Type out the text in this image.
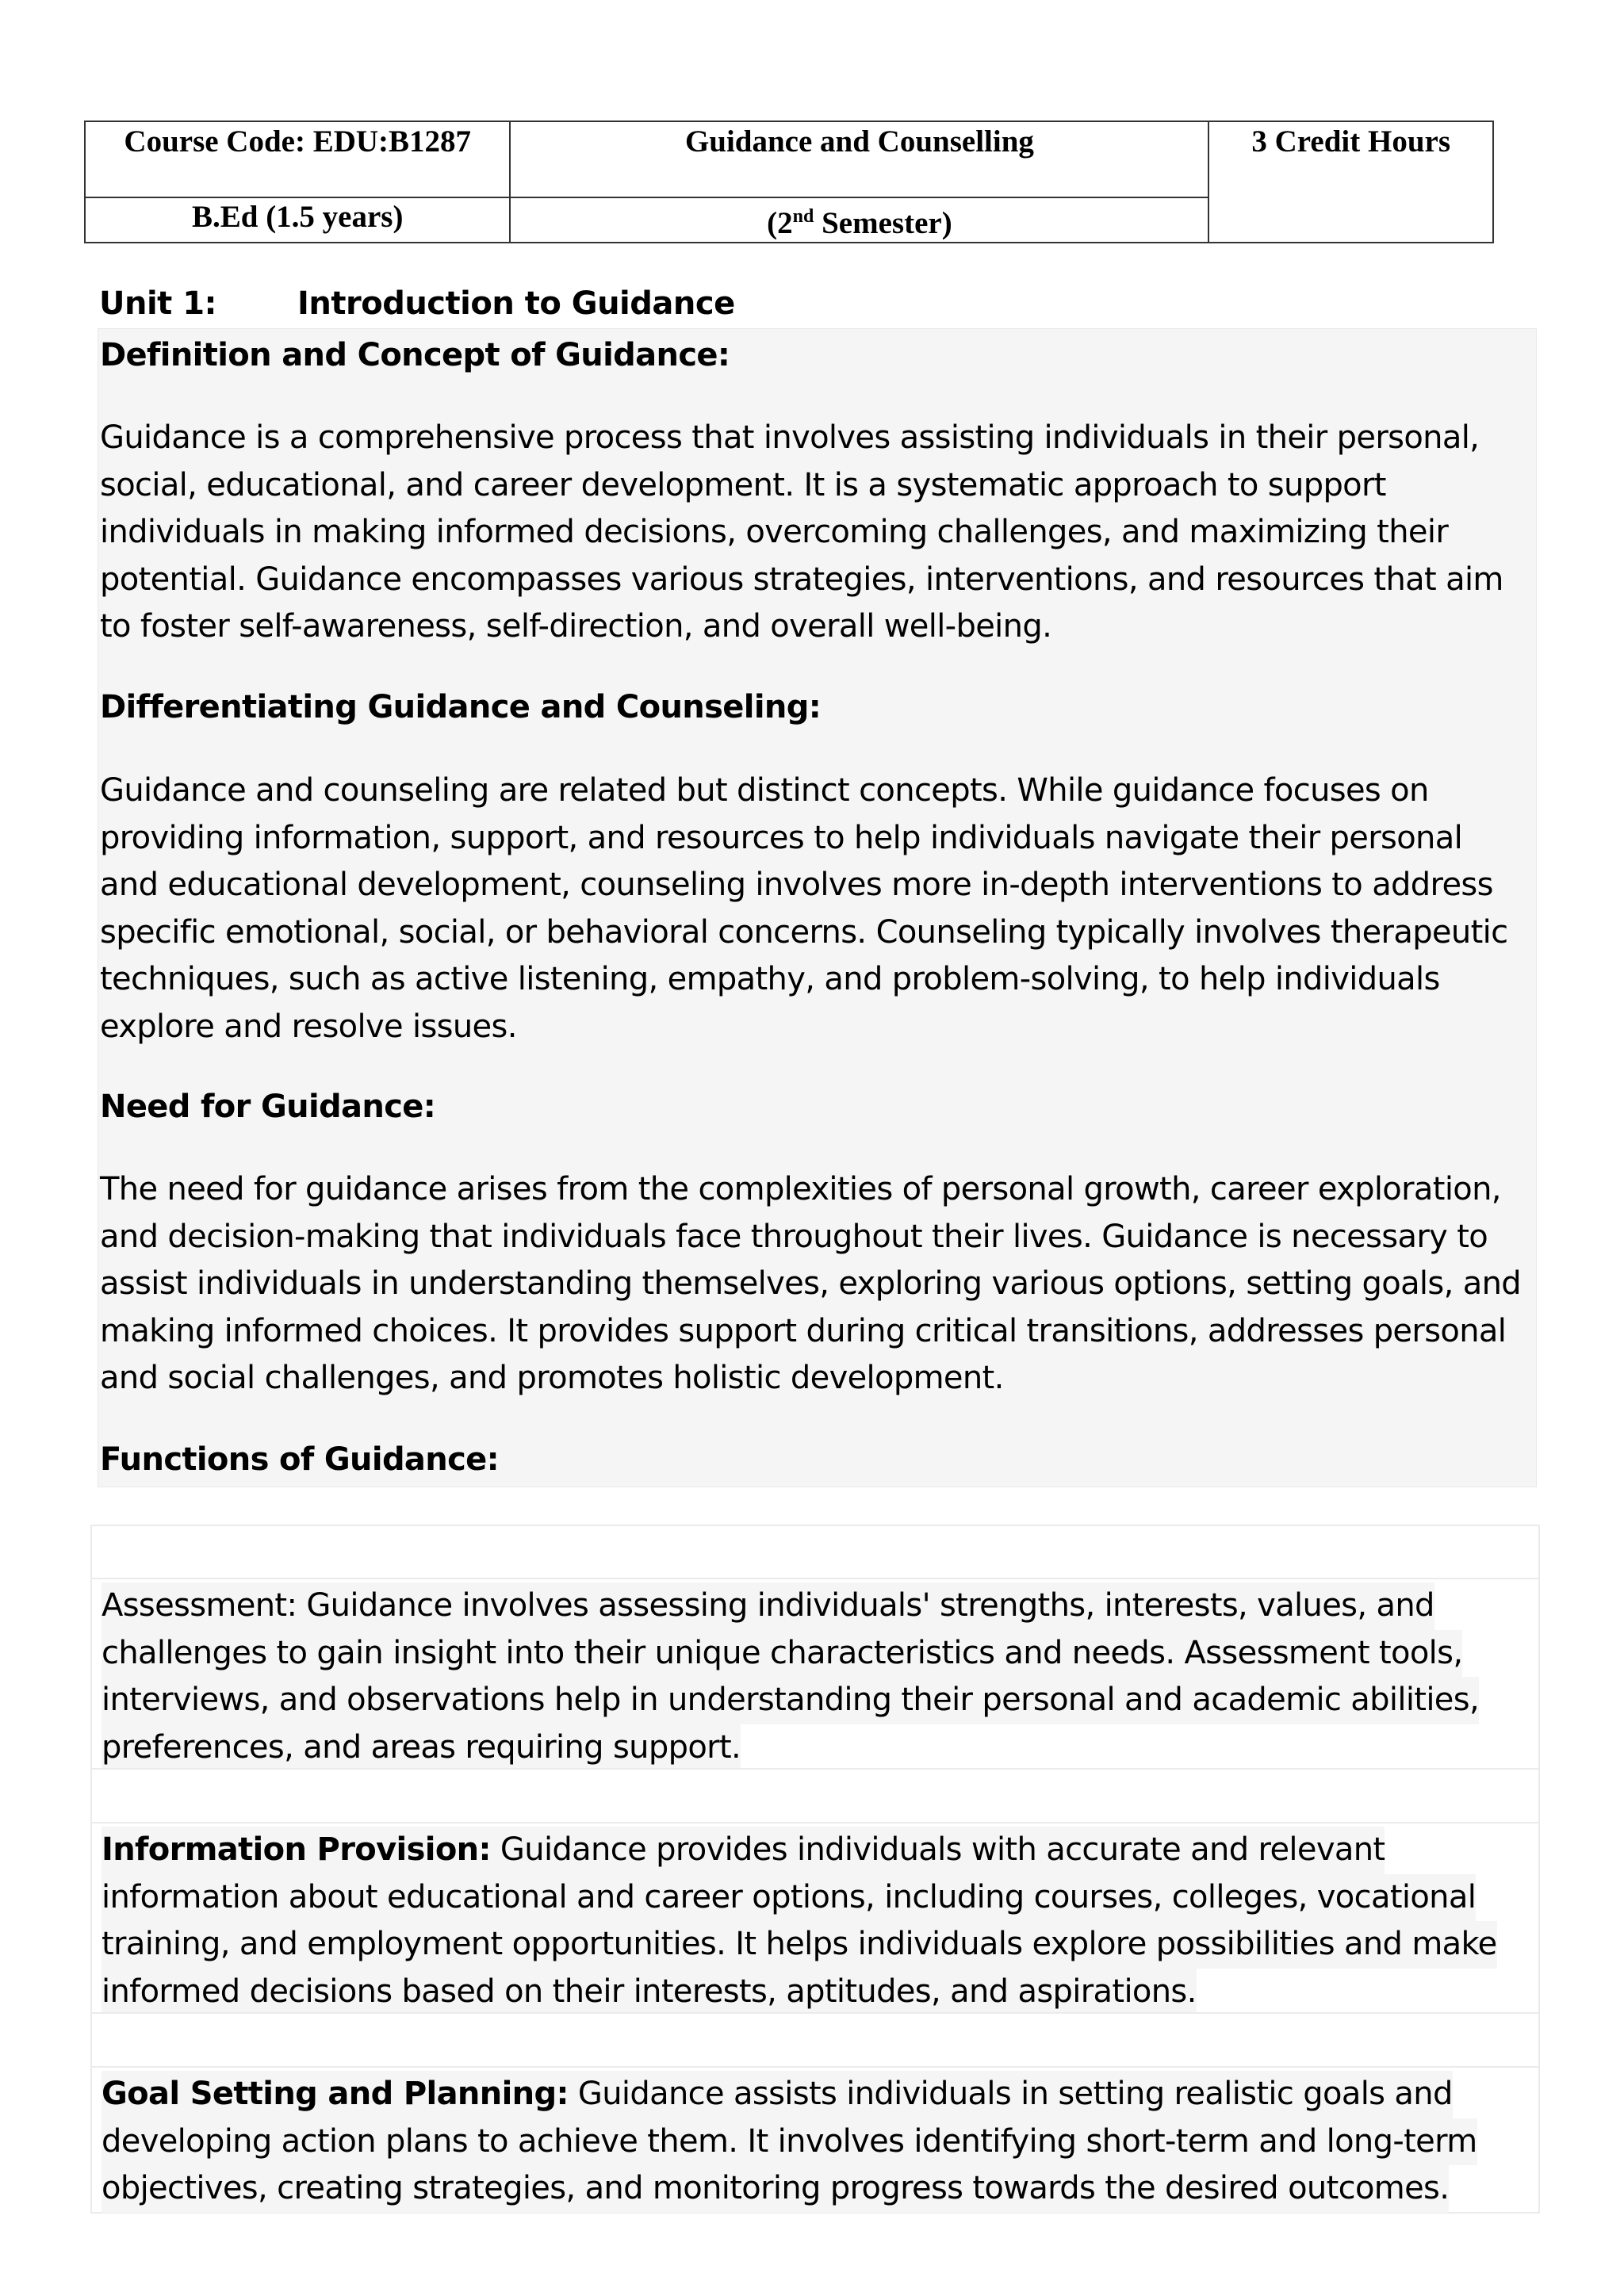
Course Code: EDU:B1287	Guidance and Counselling	3 Credit Hours
B.Ed (1.5 years)	(2nd Semester)	
Unit 1:	Introduction to Guidance
Definition and Concept of Guidance:
Guidance is a comprehensive process that involves assisting individuals in their personal,
social, educational, and career development. It is a systematic approach to support
individuals in making informed decisions, overcoming challenges, and maximizing their
potential. Guidance encompasses various strategies, interventions, and resources that aim
to foster self-awareness, self-direction, and overall well-being.
Differentiating Guidance and Counseling:
Guidance and counseling are related but distinct concepts. While guidance focuses on
providing information, support, and resources to help individuals navigate their personal
and educational development, counseling involves more in-depth interventions to address
specific emotional, social, or behavioral concerns. Counseling typically involves therapeutic
techniques, such as active listening, empathy, and problem-solving, to help individuals
explore and resolve issues.
Need for Guidance:
The need for guidance arises from the complexities of personal growth, career exploration,
and decision-making that individuals face throughout their lives. Guidance is necessary to
assist individuals in understanding themselves, exploring various options, setting goals, and
making informed choices. It provides support during critical transitions, addresses personal
and social challenges, and promotes holistic development.
Functions of Guidance:
Assessment: Guidance involves assessing individuals' strengths, interests, values, and
challenges to gain insight into their unique characteristics and needs. Assessment tools,
interviews, and observations help in understanding their personal and academic abilities,
preferences, and areas requiring support.
Information Provision: Guidance provides individuals with accurate and relevant
information about educational and career options, including courses, colleges, vocational
training, and employment opportunities. It helps individuals explore possibilities and make
informed decisions based on their interests, aptitudes, and aspirations.
Goal Setting and Planning: Guidance assists individuals in setting realistic goals and
developing action plans to achieve them. It involves identifying short-term and long-term
objectives, creating strategies, and monitoring progress towards the desired outcomes.
